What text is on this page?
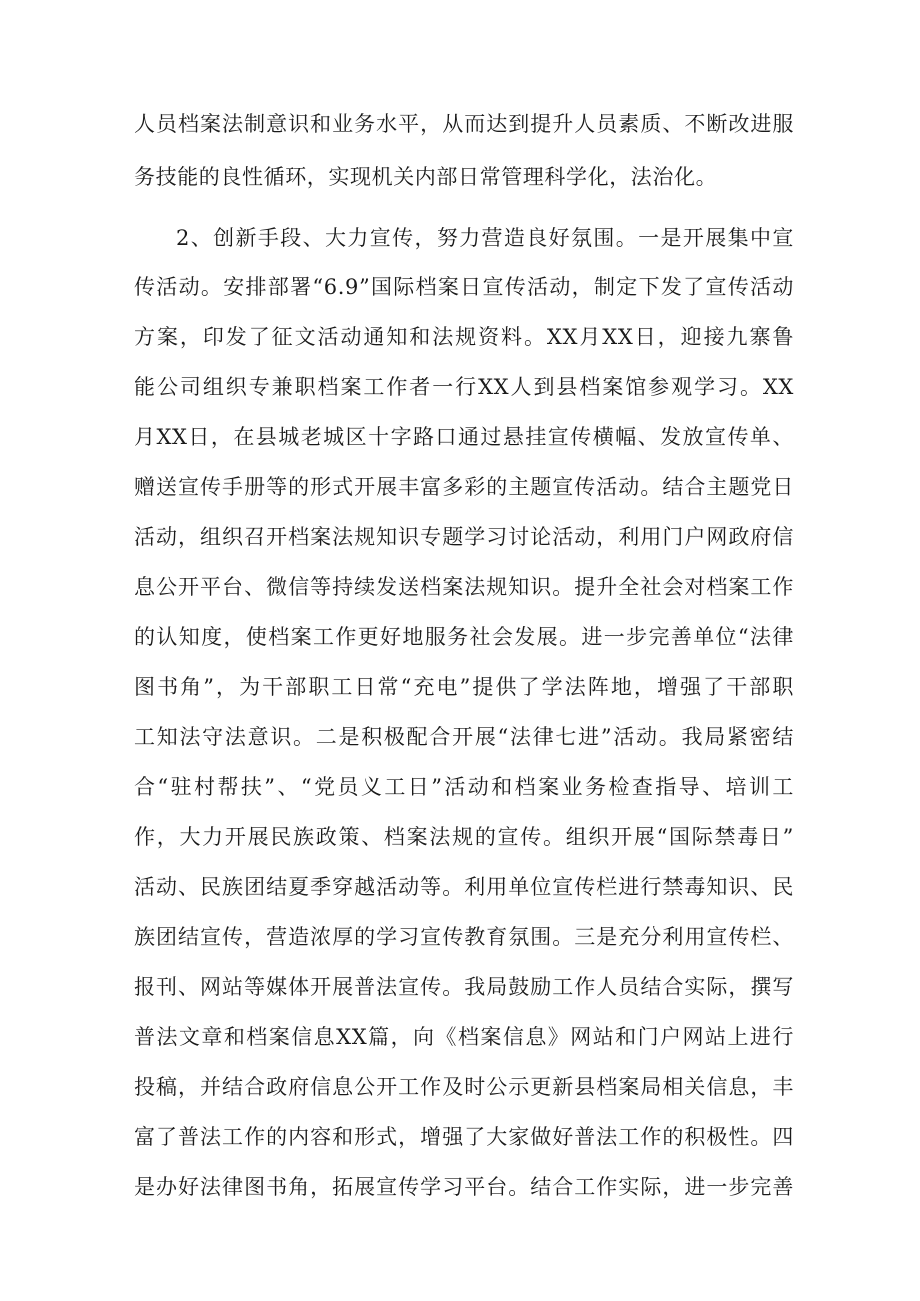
人员档案法制意识和业务水平，从而达到提升人员素质、不断改进服
务技能的良性循环，实现机关内部日常管理科学化，法治化。
2、创新手段、大力宣传，努力营造良好氛围。一是开展集中宣
传活动。安排部署“6.9”国际档案日宣传活动，制定下发了宣传活动
方案，印发了征文活动通知和法规资料。XX月XX日，迎接九寨鲁
能公司组织专兼职档案工作者一行XX人到县档案馆参观学习。XX
月XX日，在县城老城区十字路口通过悬挂宣传横幅、发放宣传单、
赠送宣传手册等的形式开展丰富多彩的主题宣传活动。结合主题党日
活动，组织召开档案法规知识专题学习讨论活动，利用门户网政府信
息公开平台、微信等持续发送档案法规知识。提升全社会对档案工作
的认知度，使档案工作更好地服务社会发展。进一步完善单位“法律
图书角”，为干部职工日常“充电”提供了学法阵地，增强了干部职
工知法守法意识。二是积极配合开展“法律七进”活动。我局紧密结
合“驻村帮扶”、“党员义工日”活动和档案业务检查指导、培训工
作，大力开展民族政策、档案法规的宣传。组织开展“国际禁毒日”
活动、民族团结夏季穿越活动等。利用单位宣传栏进行禁毒知识、民
族团结宣传，营造浓厚的学习宣传教育氛围。三是充分利用宣传栏、
报刊、网站等媒体开展普法宣传。我局鼓励工作人员结合实际，撰写
普法文章和档案信息XX篇，向《档案信息》网站和门户网站上进行
投稿，并结合政府信息公开工作及时公示更新县档案局相关信息，丰
富了普法工作的内容和形式，增强了大家做好普法工作的积极性。四
是办好法律图书角，拓展宣传学习平台。结合工作实际，进一步完善
